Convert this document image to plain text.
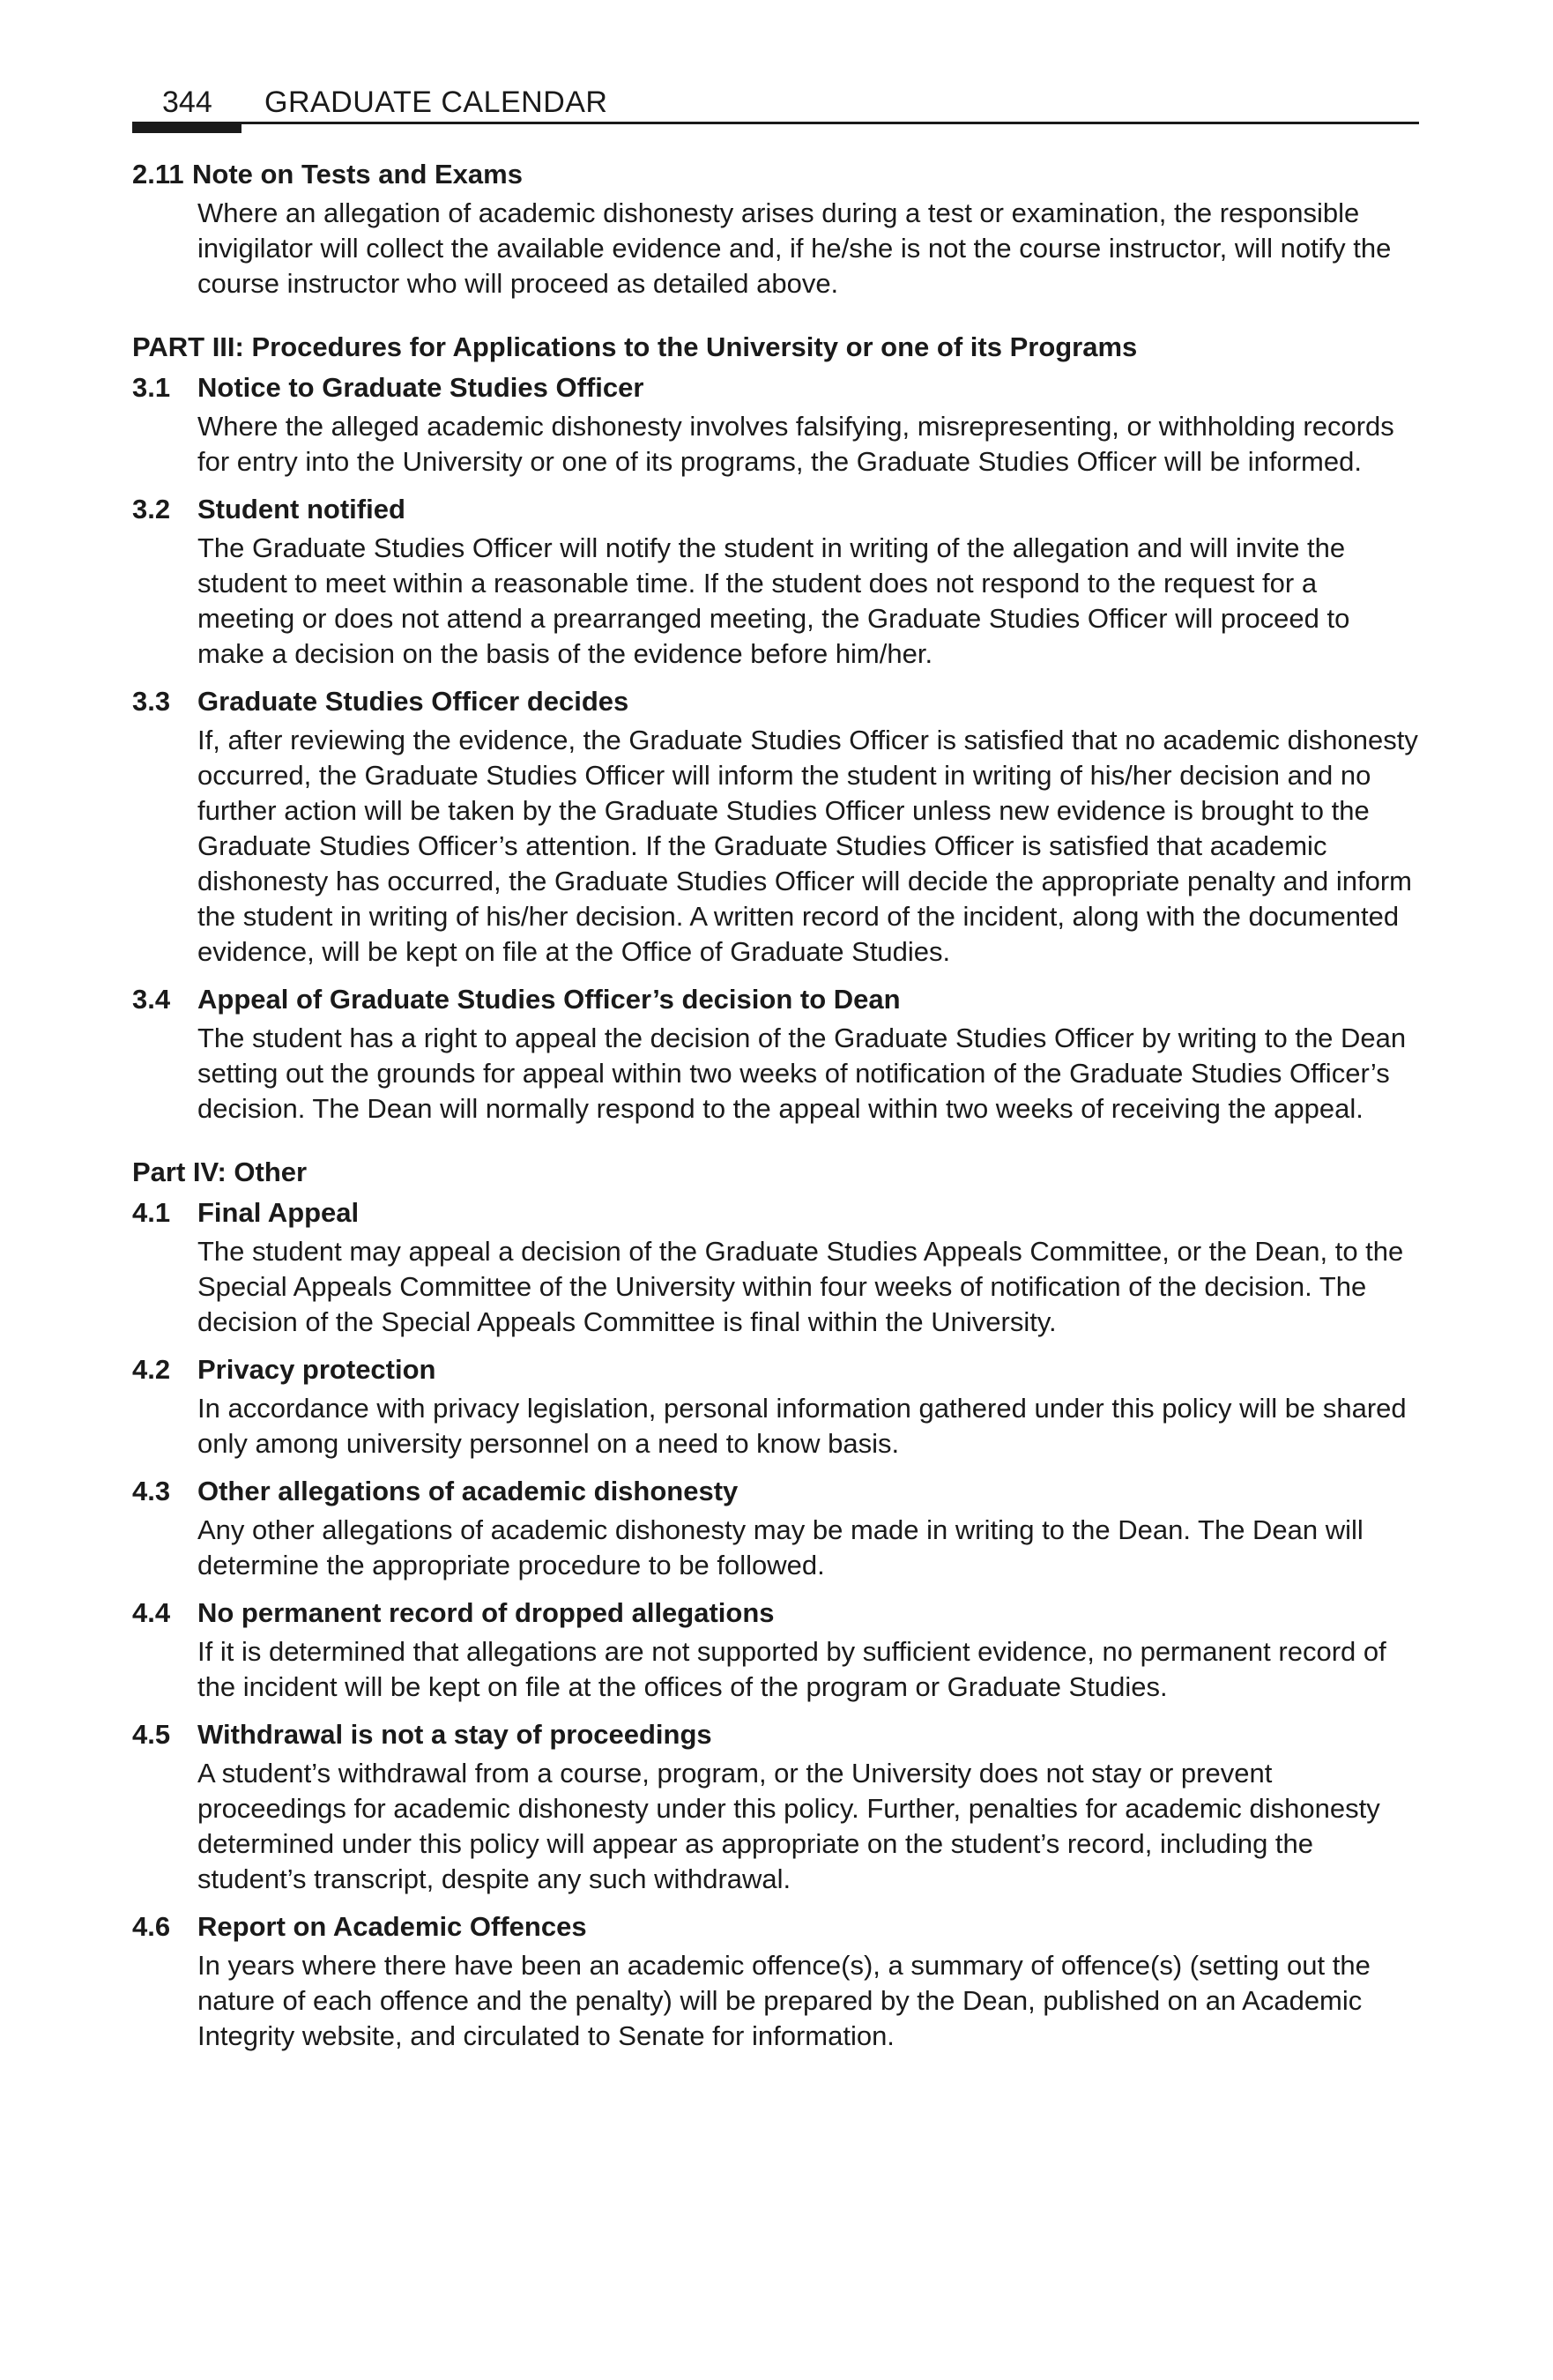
344 GRADUATE CALENDAR
2.11 Note on Tests and Exams

Where an allegation of academic dishonesty arises during a test or examination, the responsible invigilator will collect the available evidence and, if he/she is not the course instructor, will notify the course instructor who will proceed as detailed above.

PART III: Procedures for Applications to the University or one of its Programs
3.1 Notice to Graduate Studies Officer

Where the alleged academic dishonesty involves falsifying, misrepresenting, or withholding records for entry into the University or one of its programs, the Graduate Studies Officer will be informed.

3.2 Student notified

The Graduate Studies Officer will notify the student in writing of the allegation and will invite the student to meet within a reasonable time. If the student does not respond to the request for a meeting or does not attend a prearranged meeting, the Graduate Studies Officer will proceed to make a decision on the basis of the evidence before him/her.

3.3 Graduate Studies Officer decides

If, after reviewing the evidence, the Graduate Studies Officer is satisfied that no academic dishonesty occurred, the Graduate Studies Officer will inform the student in writing of his/her decision and no further action will be taken by the Graduate Studies Officer unless new evidence is brought to the Graduate Studies Officer’s attention. If the Graduate Studies Officer is satisfied that academic dishonesty has occurred, the Graduate Studies Officer will decide the appropriate penalty and inform the student in writing of his/her decision. A written record of the incident, along with the documented evidence, will be kept on file at the Office of Graduate Studies.

3.4 Appeal of Graduate Studies Officer’s decision to Dean

The student has a right to appeal the decision of the Graduate Studies Officer by writing to the Dean setting out the grounds for appeal within two weeks of notification of the Graduate Studies Officer’s decision. The Dean will normally respond to the appeal within two weeks of receiving the appeal.

Part IV: Other
4.1 Final Appeal

The student may appeal a decision of the Graduate Studies Appeals Committee, or the Dean, to the Special Appeals Committee of the University within four weeks of notification of the decision. The decision of the Special Appeals Committee is final within the University.

4.2 Privacy protection

In accordance with privacy legislation, personal information gathered under this policy will be shared only among university personnel on a need to know basis.

4.3 Other allegations of academic dishonesty

Any other allegations of academic dishonesty may be made in writing to the Dean. The Dean will determine the appropriate procedure to be followed.

4.4 No permanent record of dropped allegations

If it is determined that allegations are not supported by sufficient evidence, no permanent record of the incident will be kept on file at the offices of the program or Graduate Studies.

4.5 Withdrawal is not a stay of proceedings

A student’s withdrawal from a course, program, or the University does not stay or prevent proceedings for academic dishonesty under this policy. Further, penalties for academic dishonesty determined under this policy will appear as appropriate on the student’s record, including the student’s transcript, despite any such withdrawal.

4.6 Report on Academic Offences

In years where there have been an academic offence(s), a summary of offence(s) (setting out the nature of each offence and the penalty) will be prepared by the Dean, published on an Academic Integrity website, and circulated to Senate for information.
